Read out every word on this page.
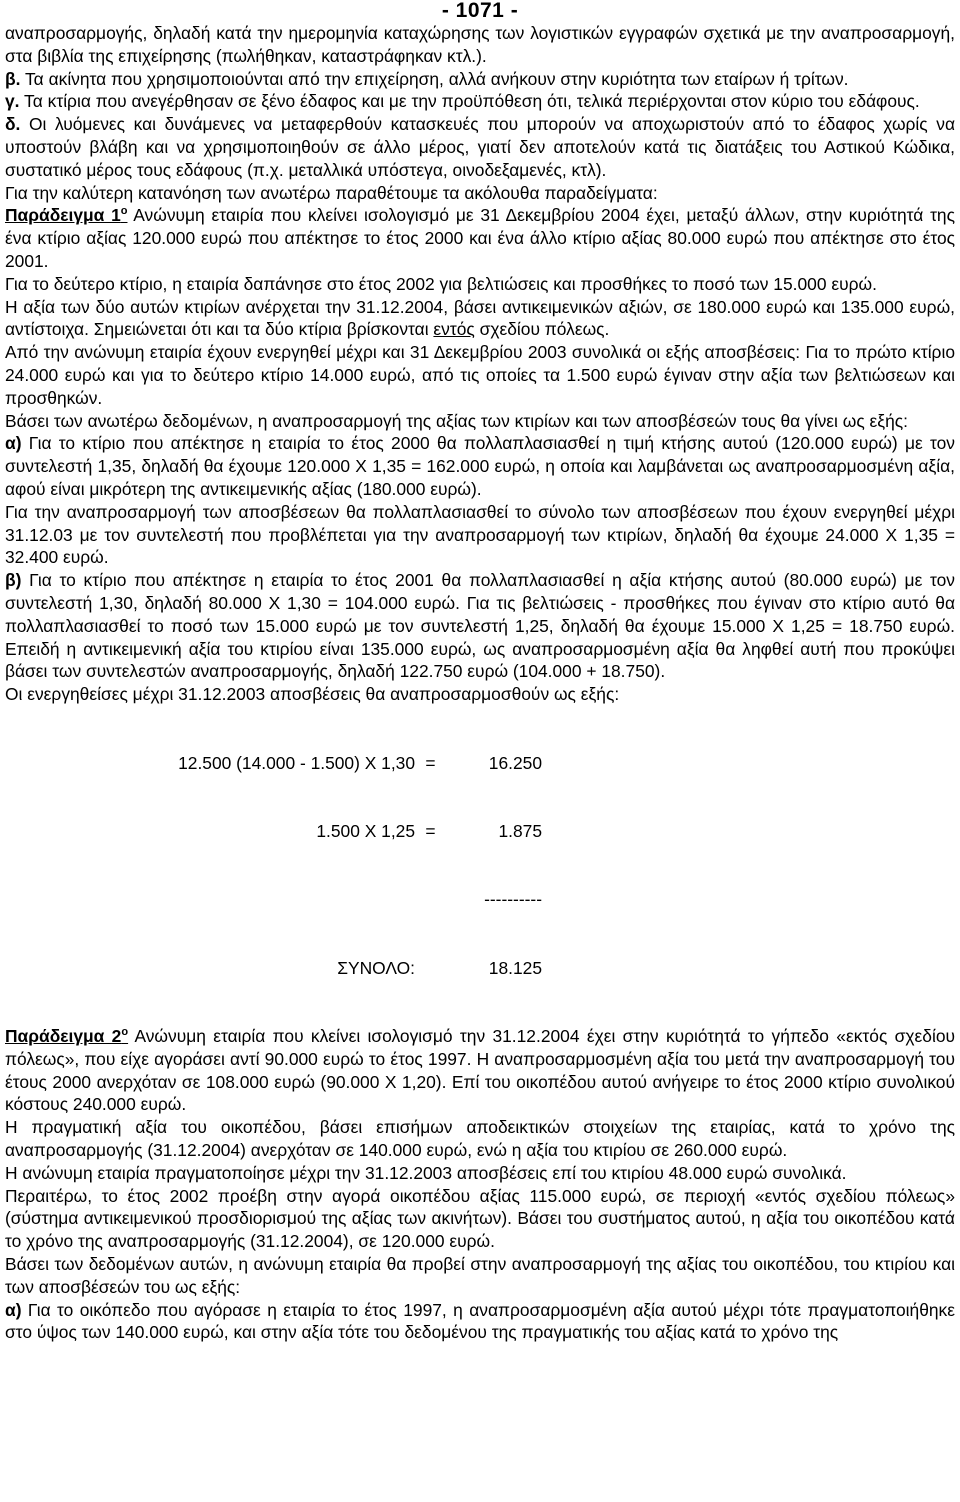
- 1071 -

αναπροσαρμογής, δηλαδή κατά την ημερομηνία καταχώρησης των λογιστικών εγγραφών σχετικά με την αναπροσαρμογή, στα βιβλία της επιχείρησης (πωλήθηκαν, καταστράφηκαν κτλ.).

β. Τα ακίνητα που χρησιμοποιούνται από την επιχείρηση, αλλά ανήκουν στην κυριότητα των εταίρων ή τρίτων.

γ. Τα κτίρια που ανεγέρθησαν σε ξένο έδαφος και με την προϋπόθεση ότι, τελικά περιέρχονται στον κύριο του εδάφους.

δ. Οι λυόμενες και δυνάμενες να μεταφερθούν κατασκευές που μπορούν να αποχωριστούν από το έδαφος χωρίς να υποστούν βλάβη και να χρησιμοποιηθούν σε άλλο μέρος, γιατί δεν αποτελούν κατά τις διατάξεις του Αστικού Κώδικα, συστατικό μέρος τους εδάφους (π.χ. μεταλλικά υπόστεγα, οινοδεξαμενές, κτλ).

Για την καλύτερη κατανόηση των ανωτέρω παραθέτουμε τα ακόλουθα παραδείγματα:

Παράδειγμα $1^o$ Ανώνυμη εταιρία που κλείνει ισολογισμό με 31 Δεκεμβρίου 2004 έχει, μεταξύ άλλων, στην κυριότητά της ένα κτίριο αξίας 120.000 ευρώ που απέκτησε το έτος 2000 και ένα άλλο κτίριο αξίας 80.000 ευρώ που απέκτησε στο έτος 2001.

Για το δεύτερο κτίριο, η εταιρία δαπάνησε στο έτος 2002 για βελτιώσεις και προσθήκες το ποσό των 15.000 ευρώ.

Η αξία των δύο αυτών κτιρίων ανέρχεται την 31.12.2004, βάσει αντικειμενικών αξιών, σε 180.000 ευρώ και 135.000 ευρώ, αντίστοιχα. Σημειώνεται ότι και τα δύο κτίρια βρίσκονται εντός σχεδίου πόλεως.

Από την ανώνυμη εταιρία έχουν ενεργηθεί μέχρι και 31 Δεκεμβρίου 2003 συνολικά οι εξής αποσβέσεις: Για το πρώτο κτίριο 24.000 ευρώ και για το δεύτερο κτίριο 14.000 ευρώ, από τις οποίες τα 1.500 ευρώ έγιναν στην αξία των βελτιώσεων και προσθηκών.

Βάσει των ανωτέρω δεδομένων, η αναπροσαρμογή της αξίας των κτιρίων και των αποσβέσεών τους θα γίνει ως εξής:

α) Για το κτίριο που απέκτησε η εταιρία το έτος 2000 θα πολλαπλασιασθεί η τιμή κτήσης αυτού (120.000 ευρώ) με τον συντελεστή 1,35, δηλαδή θα έχουμε 120.000 Χ 1,35 = 162.000 ευρώ, η οποία και λαμβάνεται ως αναπροσαρμοσμένη αξία, αφού είναι μικρότερη της αντικειμενικής αξίας (180.000 ευρώ).

Για την αναπροσαρμογή των αποσβέσεων θα πολλαπλασιασθεί το σύνολο των αποσβέσεων που έχουν ενεργηθεί μέχρι 31.12.03 με τον συντελεστή που προβλέπεται για την αναπροσαρμογή των κτιρίων, δηλαδή θα έχουμε 24.000 Χ 1,35 = 32.400 ευρώ.

β) Για το κτίριο που απέκτησε η εταιρία το έτος 2001 θα πολλαπλασιασθεί η αξία κτήσης αυτού (80.000 ευρώ) με τον συντελεστή 1,30, δηλαδή 80.000 Χ 1,30 = 104.000 ευρώ. Για τις βελτιώσεις - προσθήκες που έγιναν στο κτίριο αυτό θα πολλαπλασιασθεί το ποσό των 15.000 ευρώ με τον συντελεστή 1,25, δηλαδή θα έχουμε 15.000 Χ 1,25 = 18.750 ευρώ. Επειδή η αντικειμενική αξία του κτιρίου είναι 135.000 ευρώ, ως αναπροσαρμοσμένη αξία θα ληφθεί αυτή που προκύψει βάσει των συντελεστών αναπροσαρμογής, δηλαδή 122.750 ευρώ (104.000 + 18.750).

Οι ενεργηθείσες μέχρι 31.12.2003 αποσβέσεις θα αναπροσαρμοσθούν ως εξής:

12.500 (14.000 - 1.500) Χ 1,30 =	16.250

1.500 Χ 1,25 =	1.875

----------

ΣΥΝΟΛΟ:	18.125

Παράδειγμα $2^o$ Ανώνυμη εταιρία που κλείνει ισολογισμό την 31.12.2004 έχει στην κυριότητά το γήπεδο «εκτός σχεδίου πόλεως», που είχε αγοράσει αντί 90.000 ευρώ το έτος 1997. Η αναπροσαρμοσμένη αξία του μετά την αναπροσαρμογή του έτους 2000 ανερχόταν σε 108.000 ευρώ (90.000 Χ 1,20). Επί του οικοπέδου αυτού ανήγειρε το έτος 2000 κτίριο συνολικού κόστους 240.000 ευρώ.

Η πραγματική αξία του οικοπέδου, βάσει επισήμων αποδεικτικών στοιχείων της εταιρίας, κατά το χρόνο της αναπροσαρμογής (31.12.2004) ανερχόταν σε 140.000 ευρώ, ενώ η αξία του κτιρίου σε 260.000 ευρώ.

Η ανώνυμη εταιρία πραγματοποίησε μέχρι την 31.12.2003 αποσβέσεις επί του κτιρίου 48.000 ευρώ συνολικά.

Περαιτέρω, το έτος 2002 προέβη στην αγορά οικοπέδου αξίας 115.000 ευρώ, σε περιοχή «εντός σχεδίου πόλεως» (σύστημα αντικειμενικού προσδιορισμού της αξίας των ακινήτων). Βάσει του συστήματος αυτού, η αξία του οικοπέδου κατά το χρόνο της αναπροσαρμογής (31.12.2004), σε 120.000 ευρώ.

Βάσει των δεδομένων αυτών, η ανώνυμη εταιρία θα προβεί στην αναπροσαρμογή της αξίας του οικοπέδου, του κτιρίου και των αποσβέσεών του ως εξής:

α) Για το οικόπεδο που αγόρασε η εταιρία το έτος 1997, η αναπροσαρμοσμένη αξία αυτού μέχρι τότε πραγματοποιήθηκε στο ύψος των 140.000 ευρώ, και στην αξία τότε του δεδομένου της πραγματικής του αξίας κατά το χρόνο της
